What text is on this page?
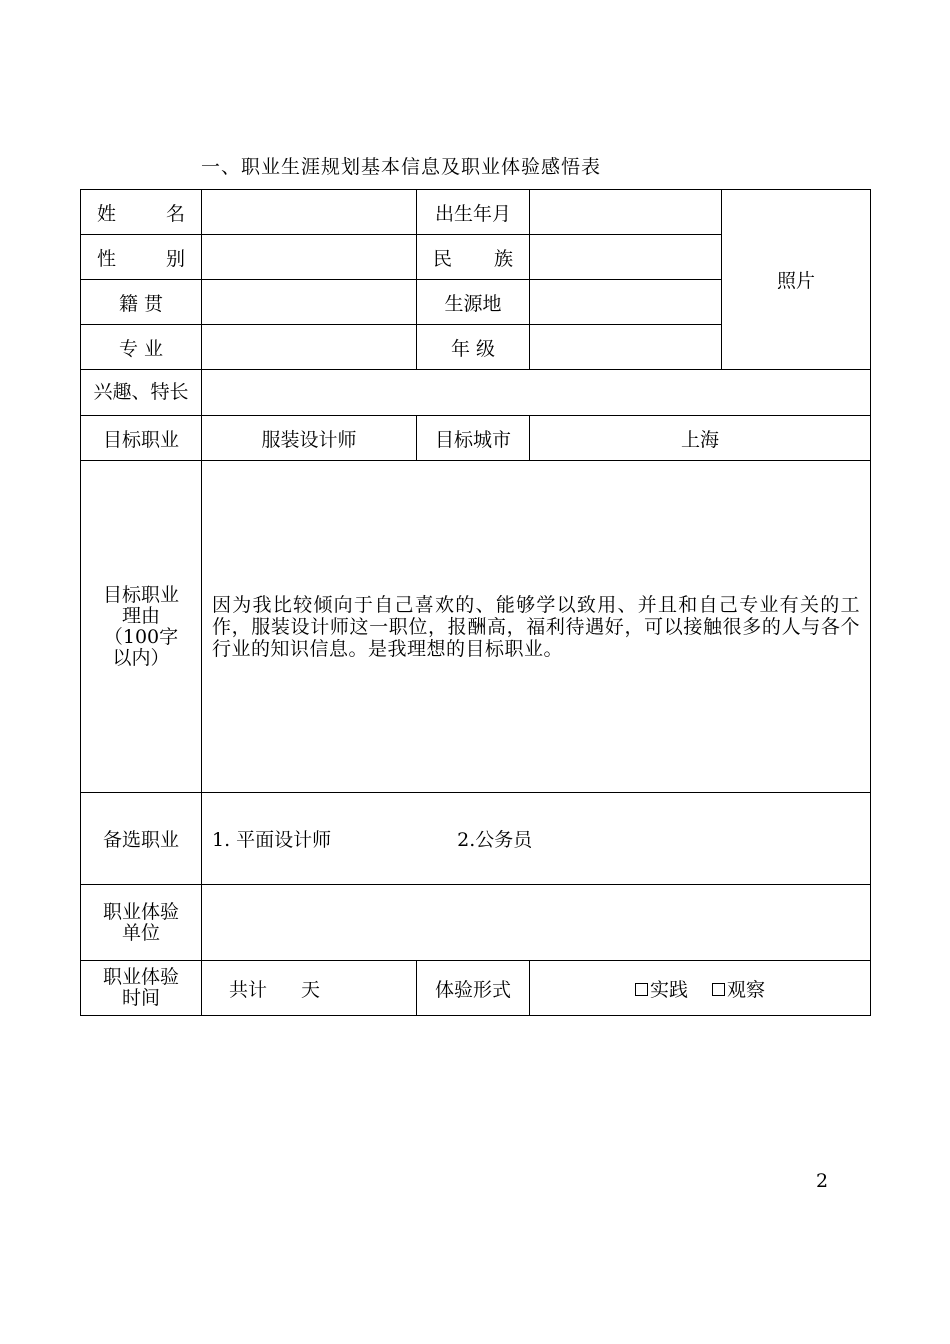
一、职业生涯规划基本信息及职业体验感悟表
姓 名		出生年月		照片

性 别		民 族		

籍 贯		生源地		
专 业		年 级		
兴趣、特长				
目标职业	服装设计师	目标城市	上海	

目标职业理由（100字以内）	因为我比较倾向于自己喜欢的、能够学以致用、并且和自己专业有关的工作，服装设计师这一职位，报酬高，福利待遇好，可以接触很多的人与各个行业的知识信息。是我理想的目标职业。			
备选职业	1. 平面设计师 2.公务员			

职业体验单位				

职业体验时间	共计 天	体验形式	实践 观察	
2
